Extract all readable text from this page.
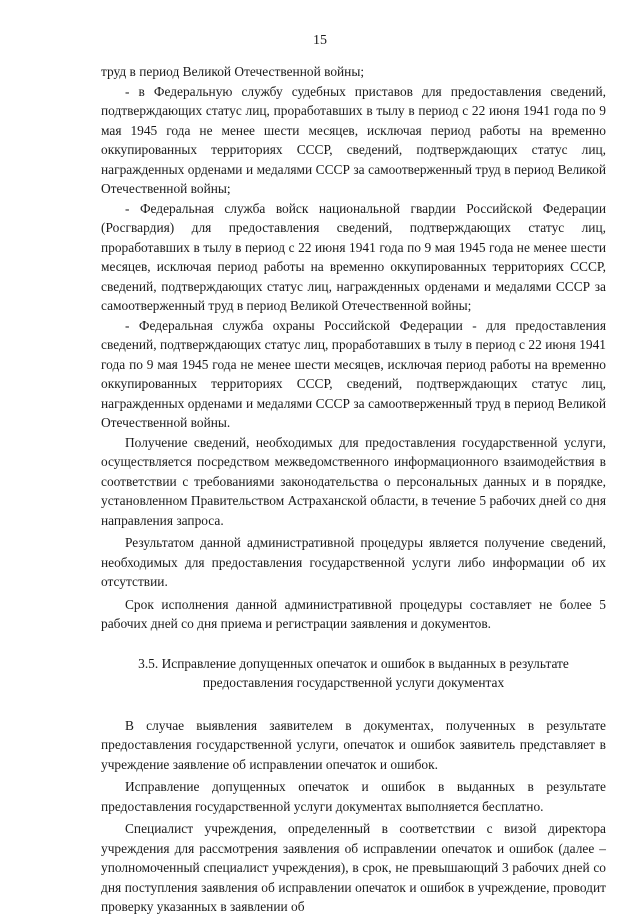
15

труд в период Великой Отечественной войны;

- в Федеральную службу судебных приставов для предоставления сведений, подтверждающих статус лиц, проработавших в тылу в период с 22 июня 1941 года по 9 мая 1945 года не менее шести месяцев, исключая период работы на временно оккупированных территориях СССР, сведений, подтверждающих статус лиц, награжденных орденами и медалями СССР за самоотверженный труд в период Великой Отечественной войны;

- Федеральная служба войск национальной гвардии Российской Федерации (Росгвардия) для предоставления сведений, подтверждающих статус лиц, проработавших в тылу в период с 22 июня 1941 года по 9 мая 1945 года не менее шести месяцев, исключая период работы на временно оккупированных территориях СССР, сведений, подтверждающих статус лиц, награжденных орденами и медалями СССР за самоотверженный труд в период Великой Отечественной войны;

- Федеральная служба охраны Российской Федерации - для предоставления сведений, подтверждающих статус лиц, проработавших в тылу в период с 22 июня 1941 года по 9 мая 1945 года не менее шести месяцев, исключая период работы на временно оккупированных территориях СССР, сведений, подтверждающих статус лиц, награжденных орденами и медалями СССР за самоотверженный труд в период Великой Отечественной войны.

Получение сведений, необходимых для предоставления государственной услуги, осуществляется посредством межведомственного информационного взаимодействия в соответствии с требованиями законодательства о персональных данных и в порядке, установленном Правительством Астраханской области, в течение 5 рабочих дней со дня направления запроса.

Результатом данной административной процедуры является получение сведений, необходимых для предоставления государственной услуги либо информации об их отсутствии.

Срок исполнения данной административной процедуры составляет не более 5 рабочих дней со дня приема и регистрации заявления и документов.

3.5. Исправление допущенных опечаток и ошибок в выданных в результате
предоставления государственной услуги документах

В случае выявления заявителем в документах, полученных в результате предоставления государственной услуги, опечаток и ошибок заявитель представляет в учреждение заявление об исправлении опечаток и ошибок.

Исправление допущенных опечаток и ошибок в выданных в результате предоставления государственной услуги документах выполняется бесплатно.

Специалист учреждения, определенный в соответствии с визой директора учреждения для рассмотрения заявления об исправлении опечаток и ошибок (далее – уполномоченный специалист учреждения), в срок, не превышающий 3 рабочих дней со дня поступления заявления об исправлении опечаток и ошибок в учреждение, проводит проверку указанных в заявлении об
